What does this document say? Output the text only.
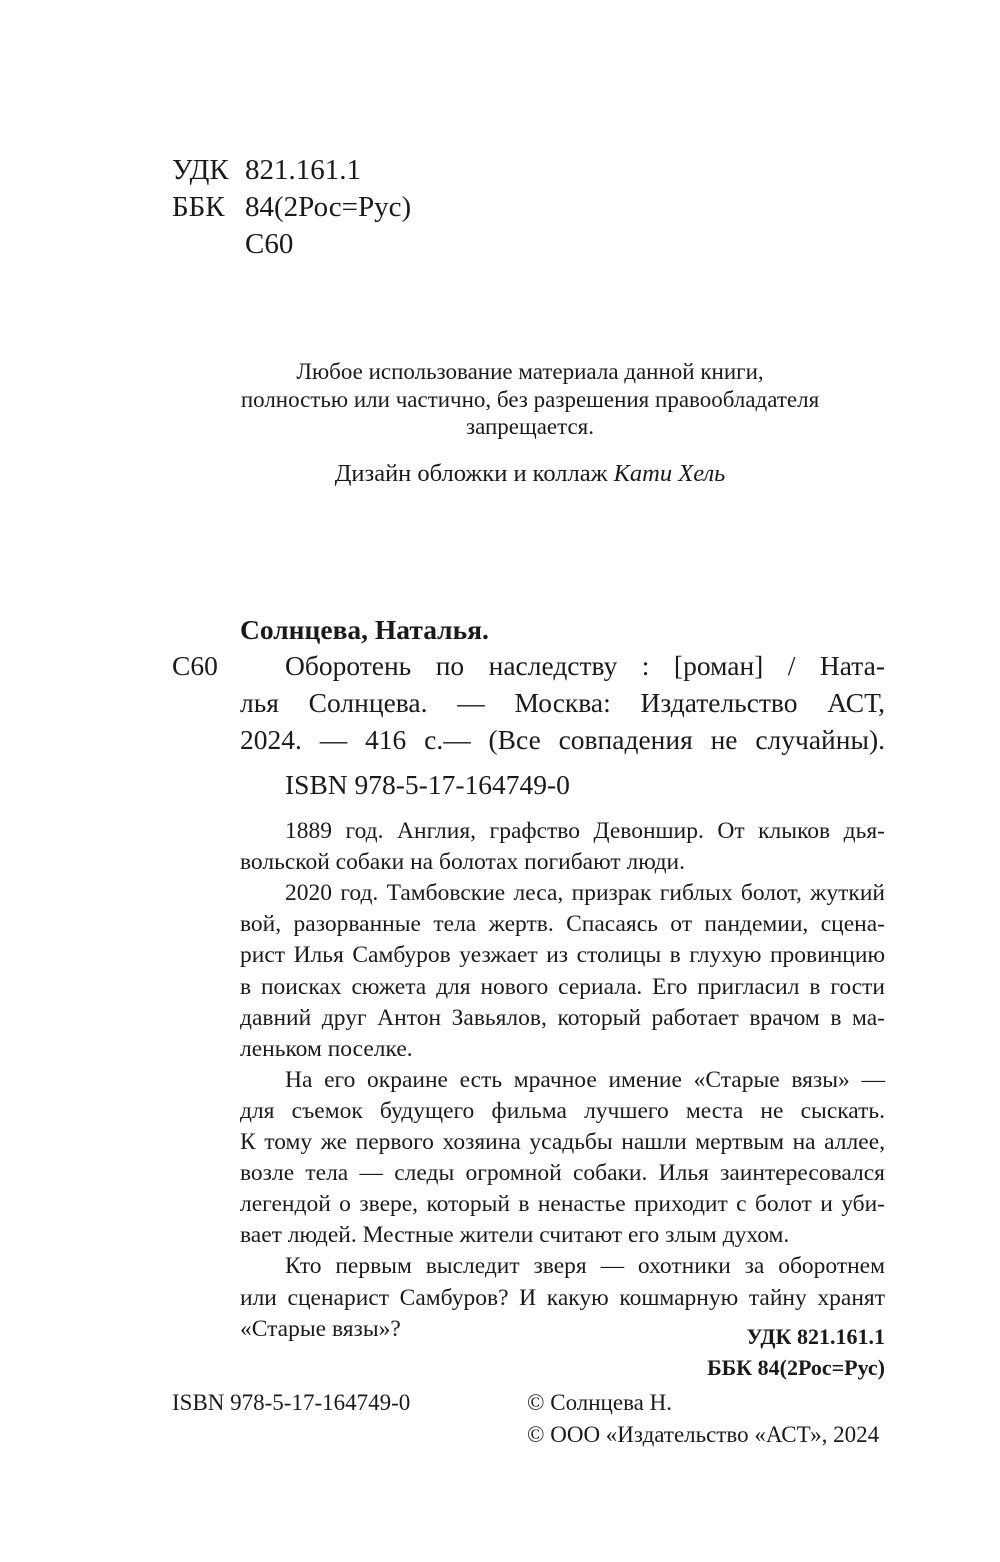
УДК 821.161.1
ББК 84(2Рос=Рус)
С60
Любое использование материала данной книги,
полностью или частично, без разрешения правообладателя
запрещается.
Дизайн обложки и коллаж Кати Хель
Солнцева, Наталья.
С60 Оборотень по наследству : [роман] / Ната-
лья Солнцева. — Москва: Издательство АСТ,
2024. — 416 с.— (Все совпадения не случайны).
ISBN 978-5-17-164749-0
1889 год. Англия, графство Девоншир. От клыков дья-
вольской собаки на болотах погибают люди.
2020 год. Тамбовские леса, призрак гиблых болот, жуткий
вой, разорванные тела жертв. Спасаясь от пандемии, сцена-
рист Илья Самбуров уезжает из столицы в глухую провинцию
в поисках сюжета для нового сериала. Его пригласил в гости
давний друг Антон Завьялов, который работает врачом в ма-
леньком поселке.
На его окраине есть мрачное имение «Старые вязы» —
для съемок будущего фильма лучшего места не сыскать.
К тому же первого хозяина усадьбы нашли мертвым на аллее,
возле тела — следы огромной собаки. Илья заинтересовался
легендой о звере, который в ненастье приходит с болот и уби-
вает людей. Местные жители считают его злым духом.
Кто первым выследит зверя — охотники за оборотнем
или сценарист Самбуров? И какую кошмарную тайну хранят
«Старые вязы»?	УДК 821.161.1
ББК 84(2Рос=Рус)
ISBN 978-5-17-164749-0	© Солнцева Н.
© ООО «Издательство «АСТ», 2024
